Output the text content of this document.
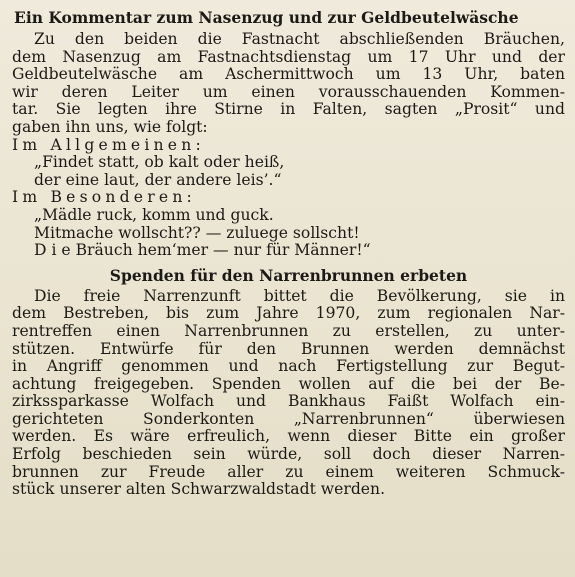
Ein Kommentar zum Nasenzug und zur Geldbeutelwäsche
Zu den beiden die Fastnacht abschließenden Bräuchen,
dem Nasenzug am Fastnachtsdienstag um 17 Uhr und der
Geldbeutelwäsche am Aschermittwoch um 13 Uhr, baten
wir deren Leiter um einen vorausschauenden Kommen-
tar. Sie legten ihre Stirne in Falten, sagten „Prosit“ und
gaben ihn uns, wie folgt:
Im Allgemeinen:
„Findet statt, ob kalt oder heiß,
der eine laut, der andere leis’.“
Im Besonderen:
„Mädle ruck, komm und guck.
Mitmache wollscht?? — zuluege sollscht!
D i e Bräuch hem‘mer — nur für Männer!“
Spenden für den Narrenbrunnen erbeten
Die freie Narrenzunft bittet die Bevölkerung, sie in
dem Bestreben, bis zum Jahre 1970, zum regionalen Nar-
rentreffen einen Narrenbrunnen zu erstellen, zu unter-
stützen. Entwürfe für den Brunnen werden demnächst
in Angriff genommen und nach Fertigstellung zur Begut-
achtung freigegeben. Spenden wollen auf die bei der Be-
zirkssparkasse Wolfach und Bankhaus Faißt Wolfach ein-
gerichteten Sonderkonten „Narrenbrunnen“ überwiesen
werden. Es wäre erfreulich, wenn dieser Bitte ein großer
Erfolg beschieden sein würde, soll doch dieser Narren-
brunnen zur Freude aller zu einem weiteren Schmuck-
stück unserer alten Schwarzwaldstadt werden.
